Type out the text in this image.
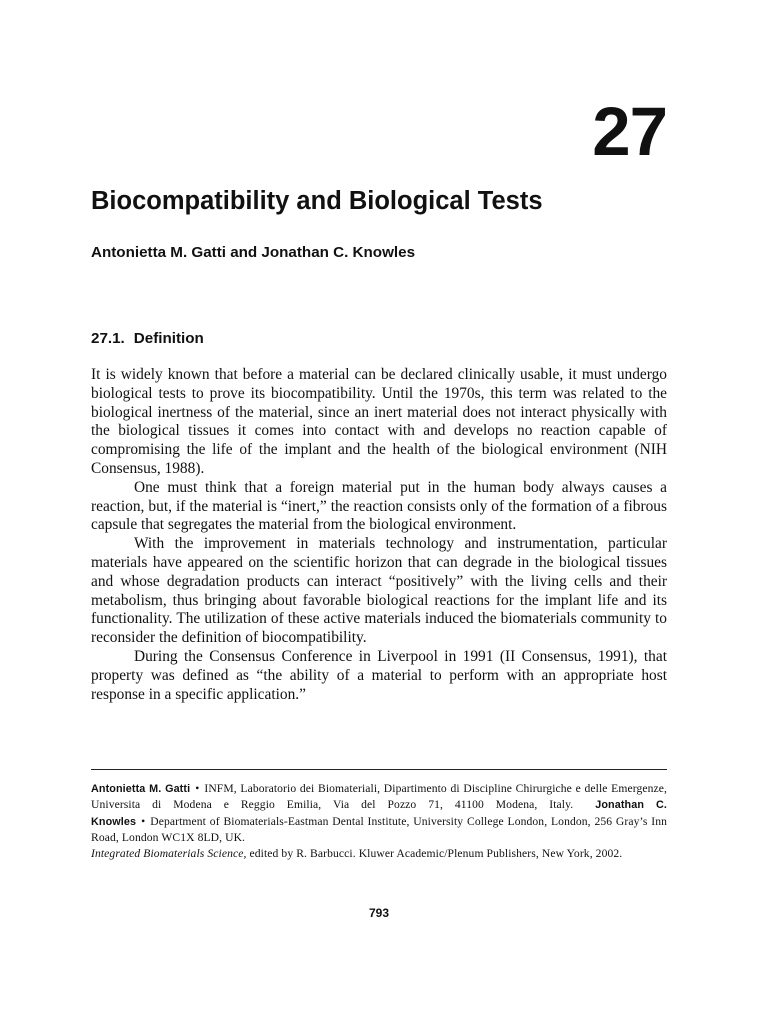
27
Biocompatibility and Biological Tests
Antonietta M. Gatti and Jonathan C. Knowles
27.1. Definition

It is widely known that before a material can be declared clinically usable, it must undergo biological tests to prove its biocompatibility. Until the 1970s, this term was related to the biological inertness of the material, since an inert material does not interact physically with the biological tissues it comes into contact with and develops no reaction capable of compromising the life of the implant and the health of the biological environment (NIH Consensus, 1988).

One must think that a foreign material put in the human body always causes a reaction, but, if the material is “inert,” the reaction consists only of the formation of a fibrous capsule that segregates the material from the biological environment.

With the improvement in materials technology and instrumentation, particular materials have appeared on the scientific horizon that can degrade in the biological tissues and whose degradation products can interact “positively” with the living cells and their metabolism, thus bringing about favorable biological reactions for the implant life and its functionality. The utilization of these active materials induced the biomaterials community to reconsider the definition of biocompatibility.

During the Consensus Conference in Liverpool in 1991 (II Consensus, 1991), that property was defined as “the ability of a material to perform with an appropriate host response in a specific application.”

Antonietta M. Gatti • INFM, Laboratorio dei Biomateriali, Dipartimento di Discipline Chirurgiche e delle Emergenze, Universita di Modena e Reggio Emilia, Via del Pozzo 71, 41100 Modena, Italy. Jonathan C. Knowles • Department of Biomaterials-Eastman Dental Institute, University College London, London, 256 Gray’s Inn Road, London WC1X 8LD, UK.

Integrated Biomaterials Science, edited by R. Barbucci. Kluwer Academic/Plenum Publishers, New York, 2002.

793
